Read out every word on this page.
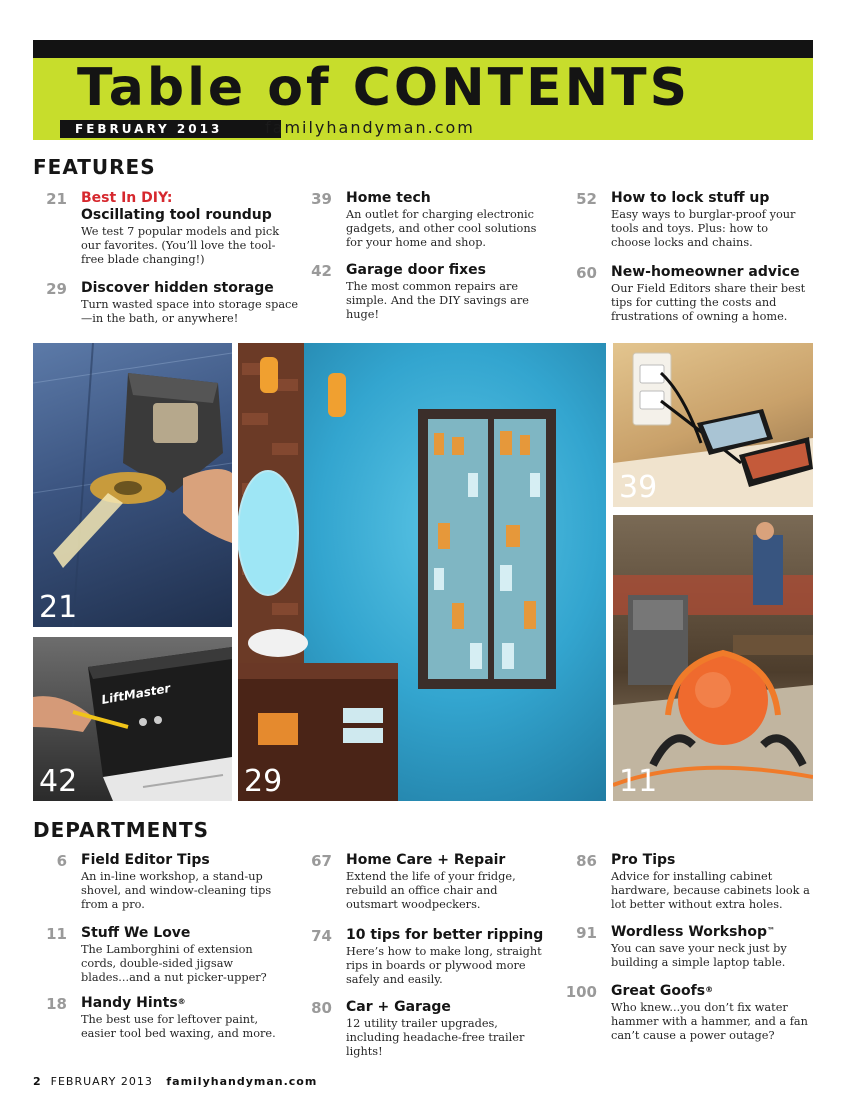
Table of CONTENTS
FEBRUARY 2013	familyhandyman.com
FEATURES
21 Best In DIY:
Oscillating tool roundup
We test 7 popular models and pick our favorites. (You’ll love the tool-free blade changing!)
29 Discover hidden storage
Turn wasted space into storage space—in the bath, or anywhere!
39 Home tech
An outlet for charging electronic gadgets, and other cool solutions for your home and shop.
42 Garage door fixes
The most common repairs are simple. And the DIY savings are huge!
52 How to lock stuff up
Easy ways to burglar-proof your tools and toys. Plus: how to choose locks and chains.
60 New-homeowner advice
Our Field Editors share their best tips for cutting the costs and frustrations of owning a home.
21
LiftMaster
42	29
39
11
DEPARTMENTS
6 Field Editor Tips
An in-line workshop, a stand-up shovel, and window-cleaning tips from a pro.
11 Stuff We Love
The Lamborghini of extension cords, double-sided jigsaw blades...and a nut picker-upper?
18 Handy Hints®
The best use for leftover paint, easier tool bed waxing, and more.
67 Home Care + Repair
Extend the life of your fridge, rebuild an office chair and outsmart woodpeckers.
74 10 tips for better ripping
Here’s how to make long, straight rips in boards or plywood more safely and easily.
80 Car + Garage
12 utility trailer upgrades, including headache-free trailer lights!
86 Pro Tips
Advice for installing cabinet hardware, because cabinets look a lot better without extra holes.
91 Wordless Workshop™
You can save your neck just by building a simple laptop table.
100 Great Goofs®
Who knew...you don’t fix water hammer with a hammer, and a fan can’t cause a power outage?
2 FEBRUARY 2013 familyhandyman.com
